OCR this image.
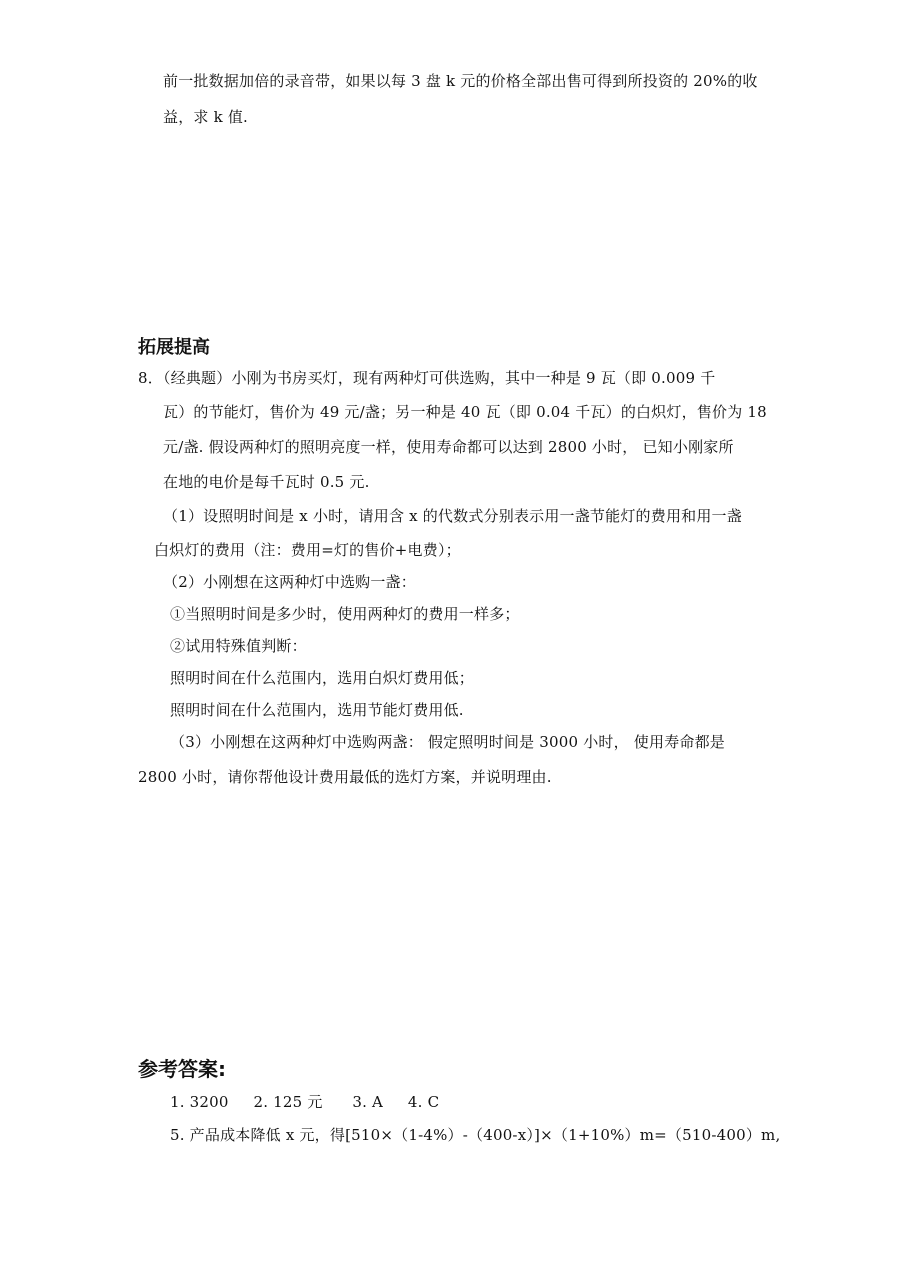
前一批数据加倍的录音带，如果以每 3 盘 k 元的价格全部出售可得到所投资的 20%的收
益，求 k 值.
拓展提高
8．（经典题）小刚为书房买灯，现有两种灯可供选购，其中一种是 9 瓦（即 0.009 千
瓦）的节能灯，售价为 49 元/盏；另一种是 40 瓦（即 0.04 千瓦）的白炽灯，售价为 18
元/盏. 假设两种灯的照明亮度一样，使用寿命都可以达到 2800 小时， 已知小刚家所
在地的电价是每千瓦时 0.5 元.
（1）设照明时间是 x 小时，请用含 x 的代数式分别表示用一盏节能灯的费用和用一盏
白炽灯的费用（注：费用=灯的售价+电费）；
（2）小刚想在这两种灯中选购一盏：
①当照明时间是多少时，使用两种灯的费用一样多；
②试用特殊值判断：
照明时间在什么范围内，选用白炽灯费用低；
照明时间在什么范围内，选用节能灯费用低.
（3）小刚想在这两种灯中选购两盏： 假定照明时间是 3000 小时， 使用寿命都是
2800 小时，请你帮他设计费用最低的选灯方案，并说明理由.
参考答案:
1. 3200     2. 125 元      3. A     4. C
5. 产品成本降低 x 元，得[510×（1-4%）-（400-x）]×（1+10%）m=（510-400）m,
